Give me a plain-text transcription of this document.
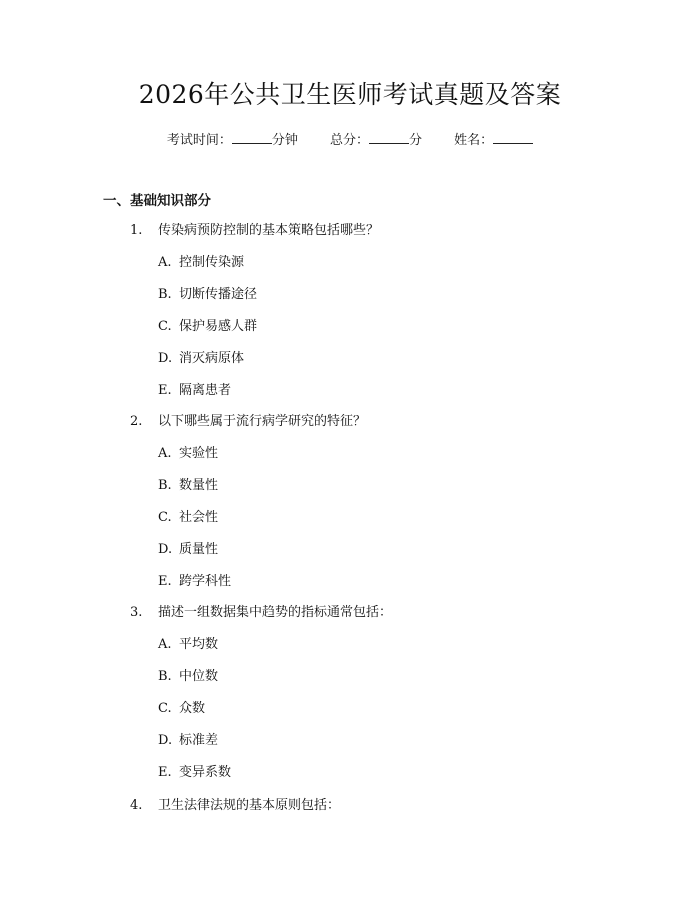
2026年公共卫生医师考试真题及答案
考试时间：	分钟 总分：	分 姓名：
一、基础知识部分
1. 传染病预防控制的基本策略包括哪些？
A. 控制传染源
B. 切断传播途径
C. 保护易感人群
D. 消灭病原体
E. 隔离患者
2. 以下哪些属于流行病学研究的特征？
A. 实验性
B. 数量性
C. 社会性
D. 质量性
E. 跨学科性
3. 描述一组数据集中趋势的指标通常包括：
A. 平均数
B. 中位数
C. 众数
D. 标准差
E. 变异系数
4. 卫生法律法规的基本原则包括：
